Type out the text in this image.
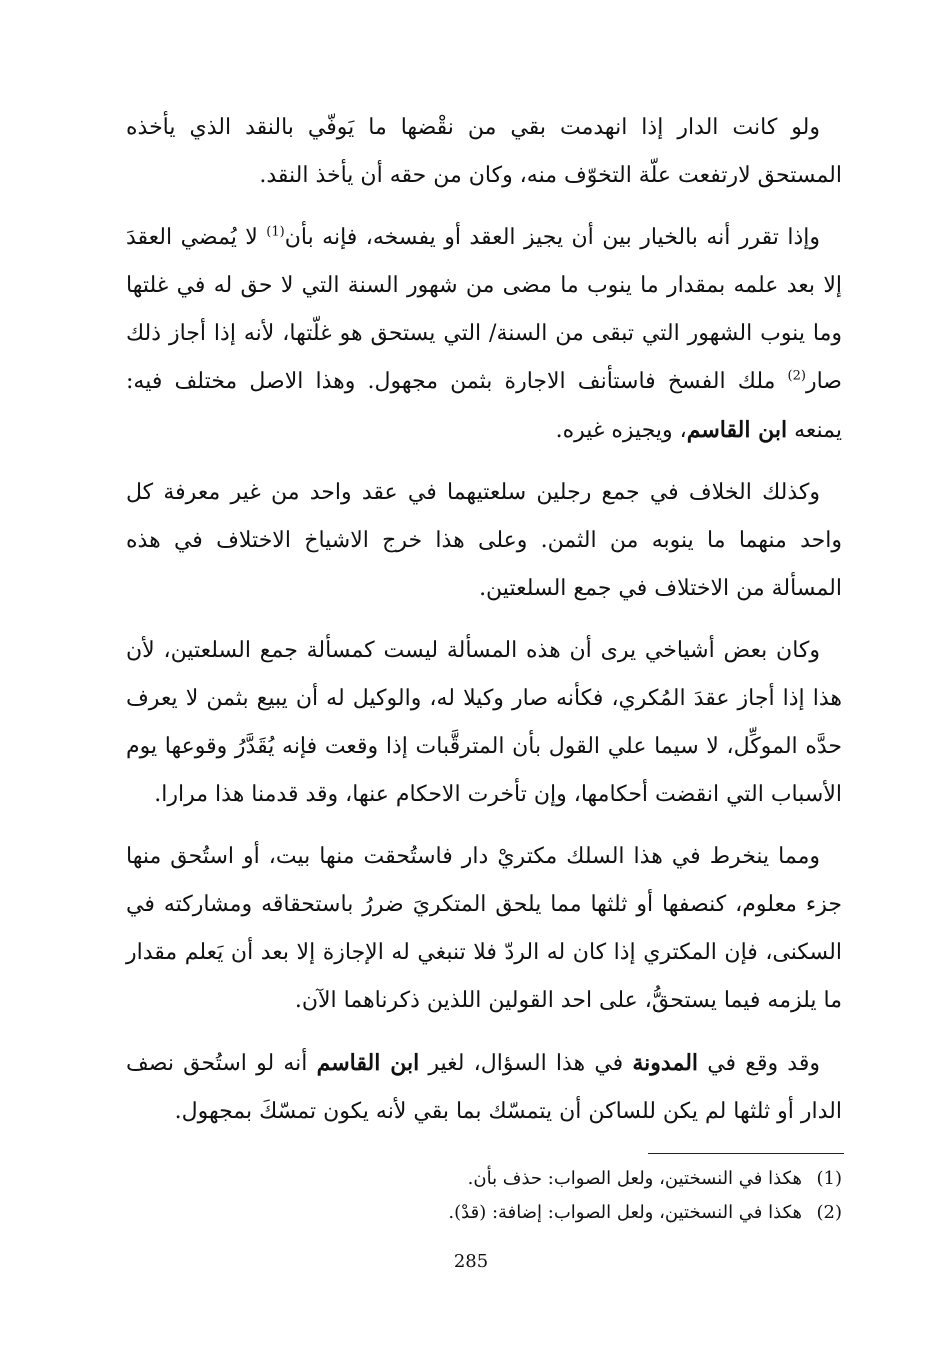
ولو كانت الدار إذا انهدمت بقي من نقْضها ما يَوفّي بالنقد الذي يأخذه المستحق لارتفعت علّة التخوّف منه، وكان من حقه أن يأخذ النقد.

وإذا تقرر أنه بالخيار بين أن يجيز العقد أو يفسخه، فإنه بأن$^{(1)}$ لا يُمضي العقدَ إلا بعد علمه بمقدار ما ينوب ما مضى من شهور السنة التي لا حق له في غلتها وما ينوب الشهور التي تبقى من السنة/ التي يستحق هو غلّتها، لأنه إذا أجاز ذلك صار$^{(2)}$ ملك الفسخ فاستأنف الاجارة بثمن مجهول. وهذا الاصل مختلف فيه: يمنعه ابن القاسم، ويجيزه غيره.

وكذلك الخلاف في جمع رجلين سلعتيهما في عقد واحد من غير معرفة كل واحد منهما ما ينوبه من الثمن. وعلى هذا خرج الاشياخ الاختلاف في هذه المسألة من الاختلاف في جمع السلعتين.

وكان بعض أشياخي يرى أن هذه المسألة ليست كمسألة جمع السلعتين، لأن هذا إذا أجاز عقدَ المُكري، فكأنه صار وكيلا له، والوكيل له أن يبيع بثمن لا يعرف حدَّه الموكِّل، لا سيما علي القول بأن المترقَّبات إذا وقعت فإنه يُقَدَّرُ وقوعها يوم الأسباب التي انقضت أحكامها، وإن تأخرت الاحكام عنها، وقد قدمنا هذا مرارا.

ومما ينخرط في هذا السلك مكتريْ دار فاستُحقت منها بيت، أو استُحق منها جزء معلوم، كنصفها أو ثلثها مما يلحق المتكريَ ضررُ باستحقاقه ومشاركته في السكنى، فإن المكتري إذا كان له الردّ فلا تنبغي له الإجازة إلا بعد أن يَعلم مقدار ما يلزمه فيما يستحقُّ، على احد القولين اللذين ذكرناهما الآن.

وقد وقع في المدونة في هذا السؤال، لغير ابن القاسم أنه لو استُحق نصف الدار أو ثلثها لم يكن للساكن أن يتمسّك بما بقي لأنه يكون تمسّكَ بمجهول.

(1)
هكذا في النسختين، ولعل الصواب: حذف بأن.
(2)
هكذا في النسختين، ولعل الصواب: إضافة: (قدْ).
285
